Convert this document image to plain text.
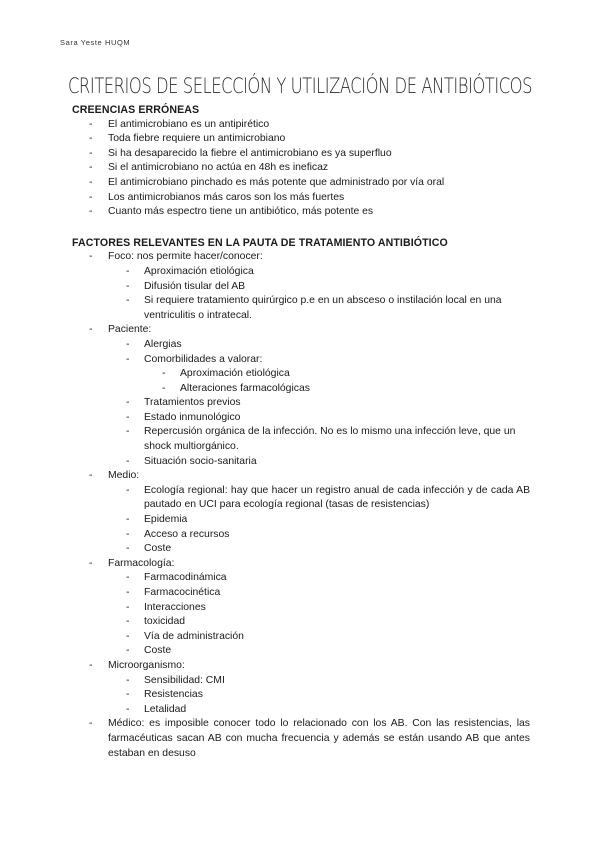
Sara Yeste HUQM
CRITERIOS DE SELECCIÓN Y UTILIZACIÓN DE ANTIBIÓTICOS
CREENCIAS ERRÓNEAS
- El antimicrobiano es un antipirético
- Toda fiebre requiere un antimicrobiano
- Si ha desaparecido la fiebre el antimicrobiano es ya superfluo
- Si el antimicrobiano no actúa en 48h es ineficaz
- El antimicrobiano pinchado es más potente que administrado por vía oral
- Los antimicrobianos más caros son los más fuertes
- Cuanto más espectro tiene un antibiótico, más potente es
FACTORES RELEVANTES EN LA PAUTA DE TRATAMIENTO ANTIBIÓTICO
- Foco: nos permite hacer/conocer:
- Aproximación etiológica
- Difusión tisular del AB
- Si requiere tratamiento quirúrgico p.e en un absceso o instilación local en una ventriculitis o intratecal.
- Paciente:
- Alergias
- Comorbilidades a valorar:
- Aproximación etiológica
- Alteraciones farmacológicas
- Tratamientos previos
- Estado inmunológico
- Repercusión orgánica de la infección. No es lo mismo una infección leve, que un shock multiorgánico.
- Situación socio-sanitaria
- Medio:
- Ecología regional: hay que hacer un registro anual de cada infección y de cada AB pautado en UCI para ecología regional (tasas de resistencias)
- Epidemia
- Acceso a recursos
- Coste
- Farmacología:
- Farmacodinámica
- Farmacocinética
- Interacciones
- toxicidad
- Vía de administración
- Coste
- Microorganismo:
- Sensibilidad: CMI
- Resistencias
- Letalidad
- Médico: es imposible conocer todo lo relacionado con los AB. Con las resistencias, las farmacéuticas sacan AB con mucha frecuencia y además se están usando AB que antes estaban en desuso
